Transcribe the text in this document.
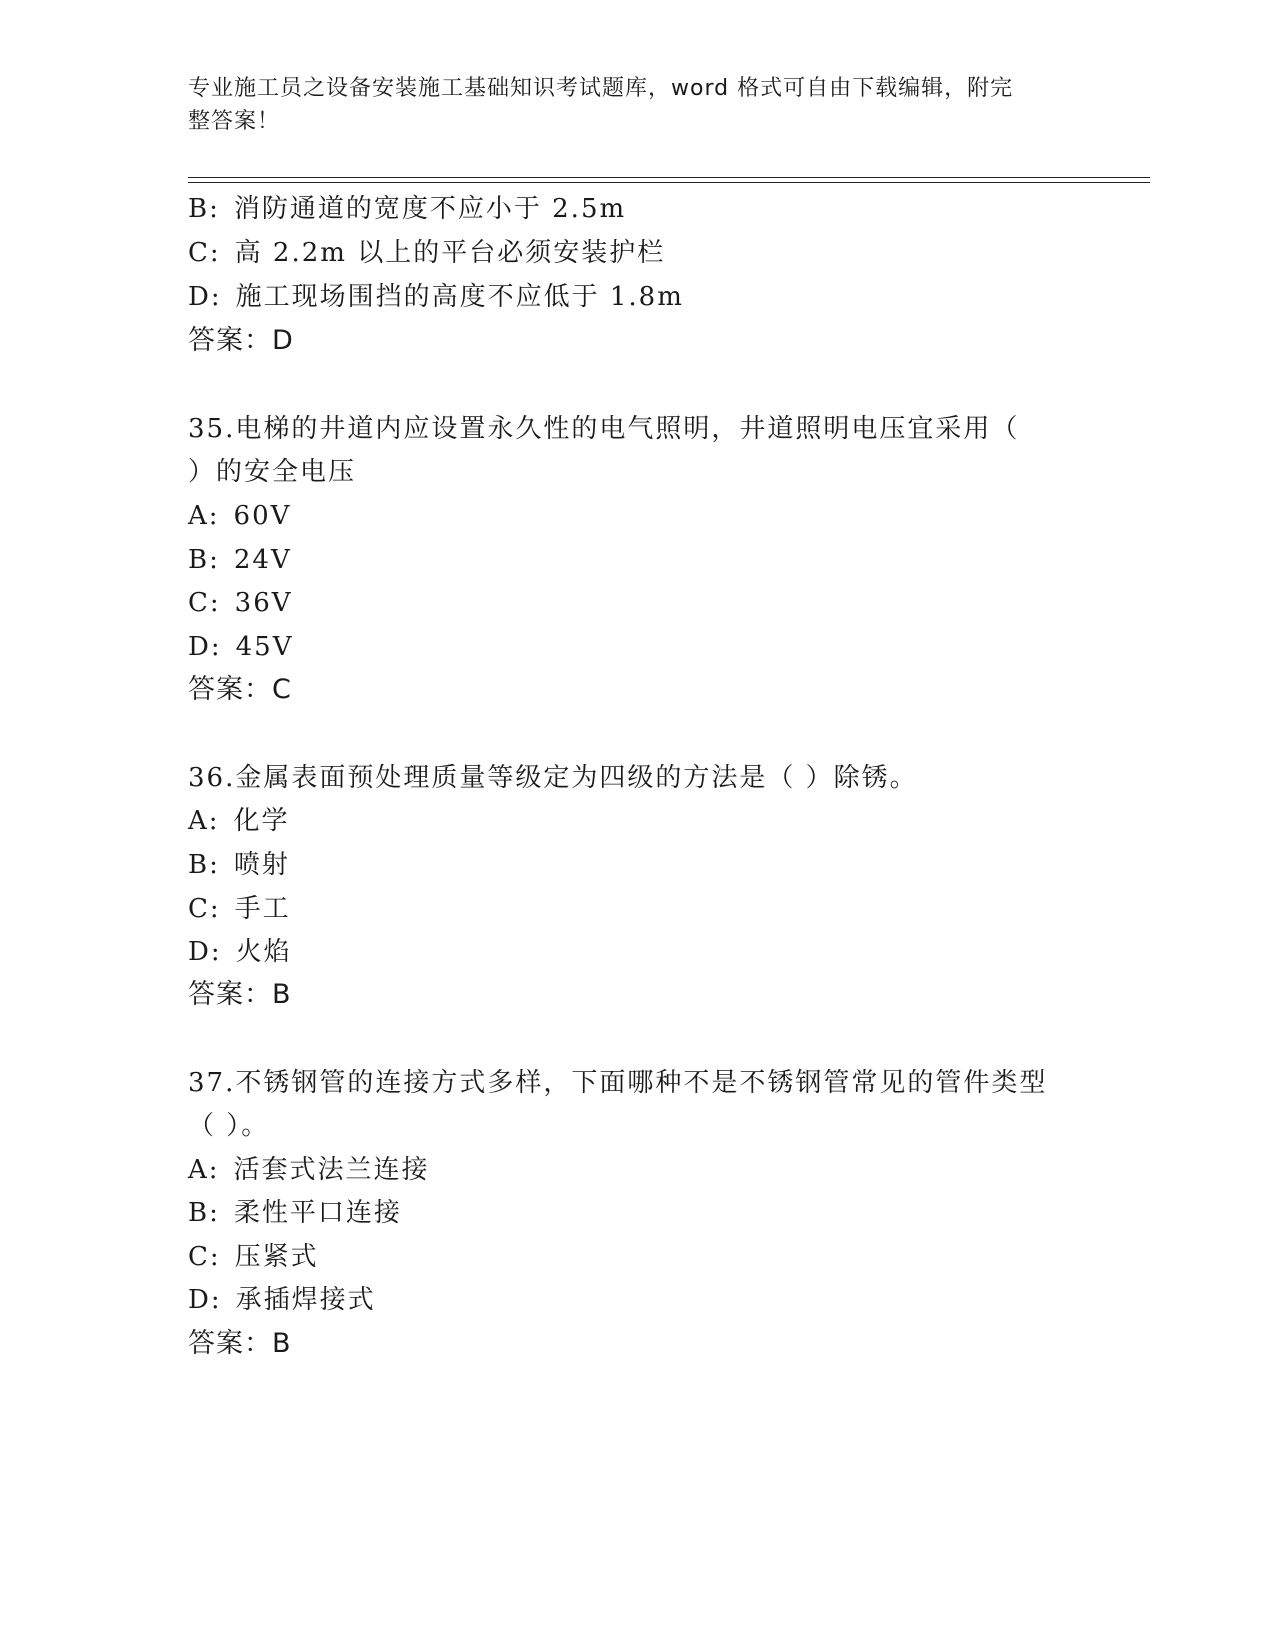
专业施工员之设备安装施工基础知识考试题库，word 格式可自由下载编辑，附完
整答案！
B: 消防通道的宽度不应小于 2.5m
C: 高 2.2m 以上的平台必须安装护栏
D: 施工现场围挡的高度不应低于 1.8m
答案：D
35.电梯的井道内应设置永久性的电气照明，井道照明电压宜采用（
）的安全电压
A: 60V
B: 24V
C: 36V
D: 45V
答案：C
36.金属表面预处理质量等级定为四级的方法是（ ）除锈。
A: 化学
B: 喷射
C: 手工
D: 火焰
答案：B
37.不锈钢管的连接方式多样，下面哪种不是不锈钢管常见的管件类型
（ ）。
A: 活套式法兰连接
B: 柔性平口连接
C: 压紧式
D: 承插焊接式
答案：B
